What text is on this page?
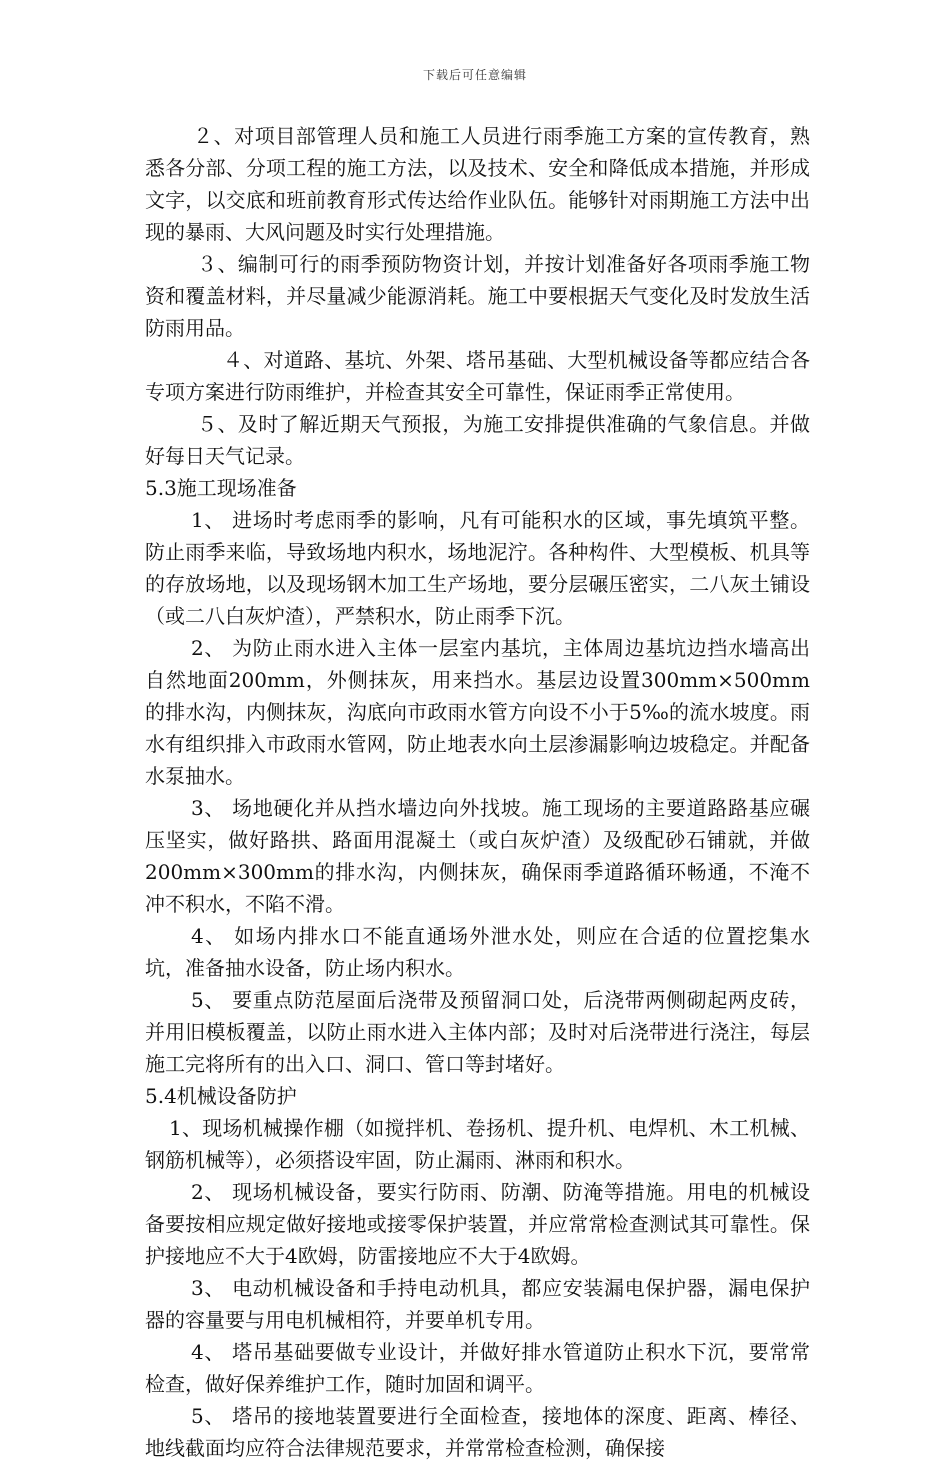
下载后可任意编辑

２、对项目部管理人员和施工人员进行雨季施工方案的宣传教育，熟悉各分部、分项工程的施工方法，以及技术、安全和降低成本措施，并形成文字，以交底和班前教育形式传达给作业队伍。能够针对雨期施工方法中出现的暴雨、大风问题及时实行处理措施。

３、编制可行的雨季预防物资计划，并按计划准备好各项雨季施工物资和覆盖材料，并尽量减少能源消耗。施工中要根据天气变化及时发放生活防雨用品。

４、对道路、基坑、外架、塔吊基础、大型机械设备等都应结合各专项方案进行防雨维护，并检查其安全可靠性，保证雨季正常使用。

５、及时了解近期天气预报，为施工安排提供准确的气象信息。并做好每日天气记录。

5.3施工现场准备

1、 进场时考虑雨季的影响，凡有可能积水的区域，事先填筑平整。防止雨季来临，导致场地内积水，场地泥泞。各种构件、大型模板、机具等的存放场地，以及现场钢木加工生产场地，要分层碾压密实，二八灰土铺设（或二八白灰炉渣），严禁积水，防止雨季下沉。

2、 为防止雨水进入主体一层室内基坑，主体周边基坑边挡水墙高出自然地面200mm，外侧抹灰，用来挡水。基层边设置300mm×500mm的排水沟，内侧抹灰，沟底向市政雨水管方向设不小于5‰的流水坡度。雨水有组织排入市政雨水管网，防止地表水向土层渗漏影响边坡稳定。并配备水泵抽水。

3、 场地硬化并从挡水墙边向外找坡。施工现场的主要道路路基应碾压坚实，做好路拱、路面用混凝土（或白灰炉渣）及级配砂石铺就，并做200mm×300mm的排水沟，内侧抹灰，确保雨季道路循环畅通，不淹不冲不积水，不陷不滑。

4、 如场内排水口不能直通场外泄水处，则应在合适的位置挖集水坑，准备抽水设备，防止场内积水。

5、 要重点防范屋面后浇带及预留洞口处，后浇带两侧砌起两皮砖，并用旧模板覆盖，以防止雨水进入主体内部；及时对后浇带进行浇注，每层施工完将所有的出入口、洞口、管口等封堵好。

5.4机械设备防护

1、现场机械操作棚（如搅拌机、卷扬机、提升机、电焊机、木工机械、钢筋机械等），必须搭设牢固，防止漏雨、淋雨和积水。

2、 现场机械设备，要实行防雨、防潮、防淹等措施。用电的机械设备要按相应规定做好接地或接零保护装置，并应常常检查测试其可靠性。保护接地应不大于4欧姆，防雷接地应不大于4欧姆。

3、 电动机械设备和手持电动机具，都应安装漏电保护器，漏电保护器的容量要与用电机械相符，并要单机专用。

4、 塔吊基础要做专业设计，并做好排水管道防止积水下沉，要常常检查，做好保养维护工作，随时加固和调平。

5、 塔吊的接地装置要进行全面检查，接地体的深度、距离、棒径、地线截面均应符合法律规范要求，并常常检查检测，确保接
